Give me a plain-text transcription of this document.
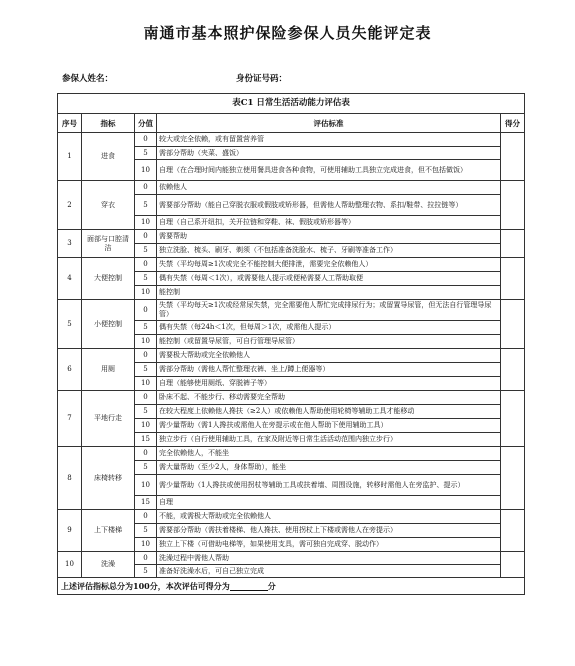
南通市基本照护保险参保人员失能评定表
参保人姓名：	身份证号码：
表C1 日常生活活动能力评估表				
序号	指标	分值	评估标准	得分
1	进食	0	较大或完全依赖，或有留置营养管	
		5	需部分帮助（夹菜、盛饭）	
		10	自理（在合理时间内能独立使用餐具进食各种食物，可使用辅助工具独立完成进食，但不包括做饭）	
2	穿衣	0	依赖他人	
		5	需要部分帮助（能自己穿脱衣服或假肢或矫形器，但需他人帮助整理衣物、系扣/鞋带、拉拉链等）	
		10	自理（自己系开纽扣，关开拉链和穿鞋、袜、假肢或矫形器等）	
3	面部与口腔清洁	0	需要帮助	
		5	独立洗脸、梳头、刷牙、剃须（不包括准备洗脸水、梳子、牙刷等准备工作）	
4	大便控制	0	失禁（平均每周≥1次或完全不能控制大便排泄，需要完全依赖他人）	
		5	偶有失禁（每周＜1次），或需要他人提示或便秘需要人工帮助取便	
		10	能控制	
5	小便控制	0	失禁（平均每天≥1次或经常尿失禁，完全需要他人帮忙完成排尿行为；或留置导尿管，但无法自行管理导尿管）	
		5	偶有失禁（每24h＜1次，但每周＞1次，或需他人提示）	
		10	能控制（或留置导尿管，可自行管理导尿管）	
6	用厕	0	需要极大帮助或完全依赖他人	
		5	需部分帮助（需他人帮忙整理衣裤、坐上/蹲上便器等）	
		10	自理（能够使用厕纸、穿脱裤子等）	
7	平地行走	0	卧床不起、不能步行、移动需要完全帮助	
		5	在较大程度上依赖他人搀扶（≥2人）或依赖他人帮助使用轮椅等辅助工具才能移动	
		10	需少量帮助（需1人搀扶或需他人在旁提示或在他人帮助下使用辅助工具）	
		15	独立步行（自行使用辅助工具，在家及附近等日常生活活动范围内独立步行）	
8	床椅转移	0	完全依赖他人，不能坐	
		5	需大量帮助（至少2人，身体帮助），能坐	
		10	需少量帮助（1人搀扶或使用拐杖等辅助工具或扶着墙、周围设施，转移时需他人在旁监护、提示）	
		15	自理	
9	上下楼梯	0	不能，或需极大帮助或完全依赖他人	
		5	需要部分帮助（需扶着楼梯、他人搀扶、使用拐杖上下楼或需他人在旁提示）	
		10	独立上下楼（可借助电梯等，如果使用支具，需可独自完成穿、脱动作）	
10	洗澡	0	洗澡过程中需他人帮助	
		5	准备好洗澡水后，可自己独立完成	
上述评估指标总分为100分，本次评估可得分为 分				
